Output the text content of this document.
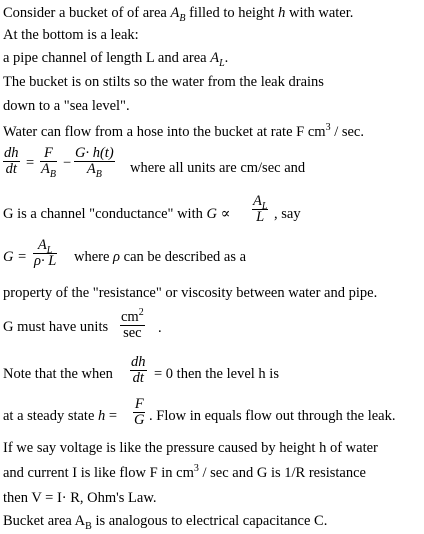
Consider a bucket of of area $A_B$ filled to height h with water.
At the bottom is a leak:
a pipe channel of length L and area $A_L$.
The bucket is on stilts so the water from the leak drains
down to a "sea level".
Water can flow from a hose into the bucket at rate F $cm^3$ / sec.
$\frac{dh}{dt} = \frac{F}{A_B} - \frac{G\cdot h(t)}{A_B}$ where all units are cm/sec and
G is a channel "conductance" with $G \propto \frac{A_L}{L}$ , say
$G = \frac{A_L}{\rho\cdot L}$ where ρ can be described as a
property of the "resistance" or viscosity between water and pipe.
G must have units
$cm^2$
sec .
Note that the when $\frac{dh}{dt} = 0$ then the level h is
at a steady state $h = \frac{F}{G}$ . Flow in equals flow out through the leak.
If we say voltage is like the pressure caused by height h of water
and current I is like flow F in $cm^3$ / sec and G is 1/R resistance
then V = I· R, Ohm's Law.
Bucket area $A_B$ is analogous to electrical capacitance C.
